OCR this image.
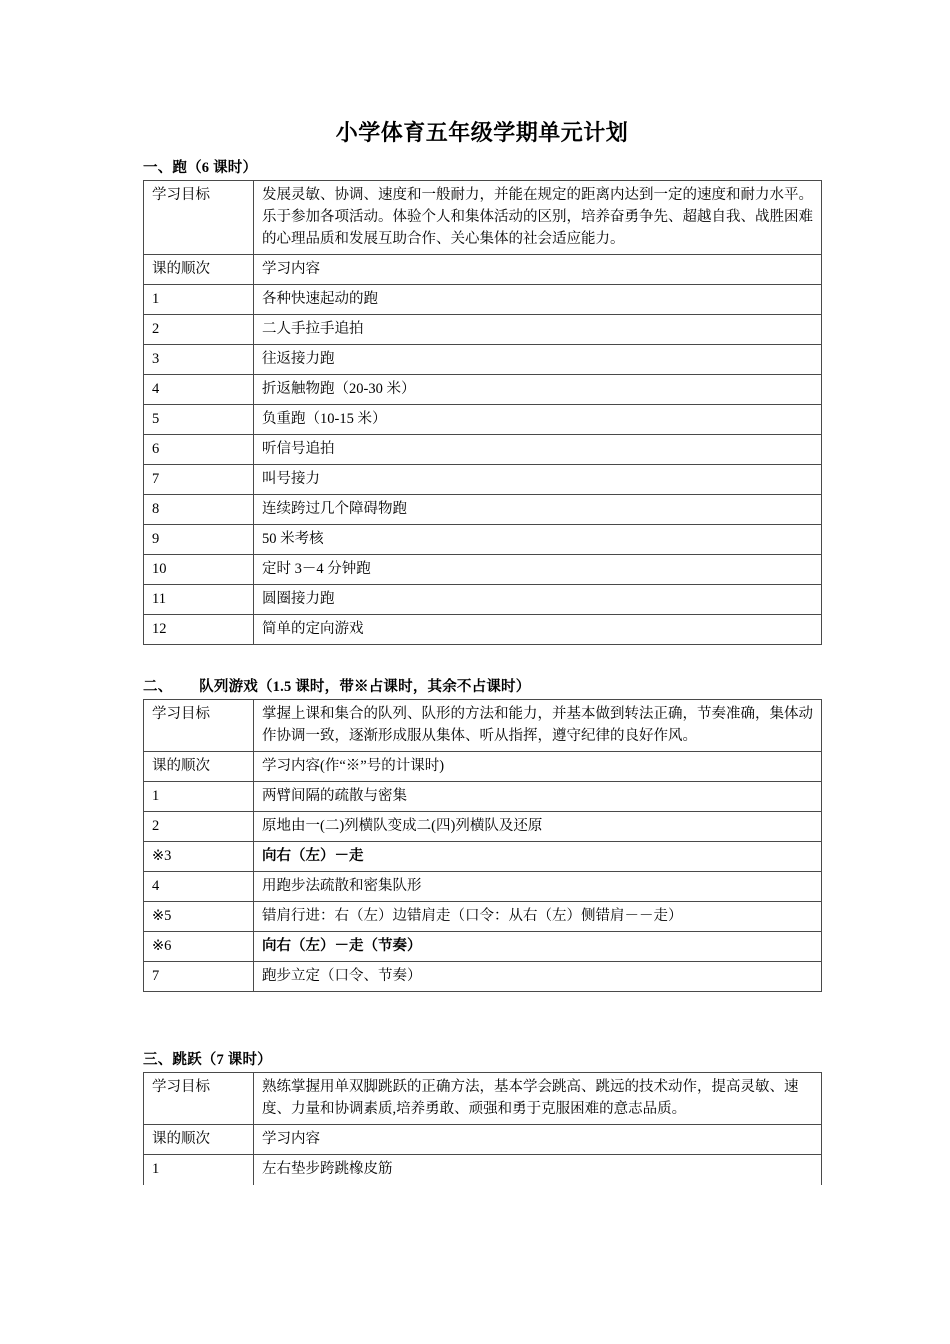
小学体育五年级学期单元计划
一、跑（6 课时）
学习目标	发展灵敏、协调、速度和一般耐力，并能在规定的距离内达到一定的速度和耐力水平。乐于参加各项活动。体验个人和集体活动的区别，培养奋勇争先、超越自我、战胜困难的心理品质和发展互助合作、关心集体的社会适应能力。
课的顺次	学习内容
1	各种快速起动的跑
2	二人手拉手追拍
3	往返接力跑
4	折返触物跑（20-30 米）
5	负重跑（10-15 米）
6	听信号追拍
7	叫号接力
8	连续跨过几个障碍物跑
9	50 米考核
10	定时 3－4 分钟跑
11	圆圈接力跑
12	简单的定向游戏
二、       队列游戏（1.5 课时，带※占课时，其余不占课时）
学习目标	掌握上课和集合的队列、队形的方法和能力，并基本做到转法正确，节奏准确，集体动作协调一致，逐渐形成服从集体、听从指挥，遵守纪律的良好作风。
课的顺次	学习内容(作“※”号的计课时)
1	两臂间隔的疏散与密集
2	原地由一(二)列横队变成二(四)列横队及还原
※3	向右（左）－走
4	用跑步法疏散和密集队形
※5	错肩行进：右（左）边错肩走（口令：从右（左）侧错肩－－走）
※6	向右（左）－走（节奏）
7	跑步立定（口令、节奏）
三、跳跃（7 课时）
学习目标	熟练掌握用单双脚跳跃的正确方法，基本学会跳高、跳远的技术动作，提高灵敏、速度、力量和协调素质,培养勇敢、顽强和勇于克服困难的意志品质。
课的顺次	学习内容
1	左右垫步跨跳橡皮筋
